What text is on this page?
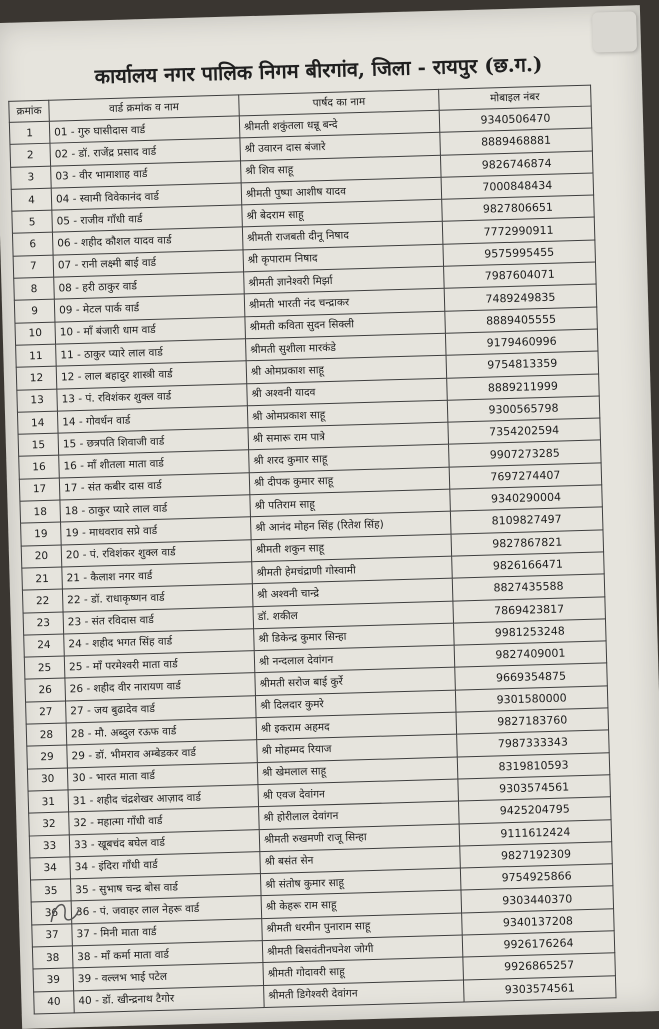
कार्यालय नगर पालिक निगम बीरगांव, जिला - रायपुर (छ.ग.)
क्रमांक	वार्ड क्रमांक व नाम	पार्षद का नाम	मोबाइल नंबर
1	01 - गुरु घासीदास वार्ड	श्रीमती शकुंतला धन्नू बन्दे	9340506470
2	02 - डॉ. राजेंद्र प्रसाद वार्ड	श्री उवारन दास बंजारे	8889468881
3	03 - वीर भामाशाह वार्ड	श्री शिव साहू	9826746874
4	04 - स्वामी विवेकानंद वार्ड	श्रीमती पुष्पा आशीष यादव	7000848434
5	05 - राजीव गाँधी वार्ड	श्री बेदराम साहू	9827806651
6	06 - शहीद कौशल यादव वार्ड	श्रीमती राजबती दीनू निषाद	7772990911
7	07 - रानी लक्ष्मी बाई वार्ड	श्री कृपाराम निषाद	9575995455
8	08 - हरी ठाकुर वार्ड	श्रीमती ज्ञानेश्वरी मिर्झा	7987604071
9	09 - मेटल पार्क वार्ड	श्रीमती भारती नंद चन्द्राकर	7489249835
10	10 - माँ बंजारी धाम वार्ड	श्रीमती कविता सुदन सिक्ली	8889405555
11	11 - ठाकुर प्यारे लाल वार्ड	श्रीमती सुशीला मारकंडे	9179460996
12	12 - लाल बहादुर शास्त्री वार्ड	श्री ओमप्रकाश साहू	9754813359
13	13 - पं. रविशंकर शुक्ल वार्ड	श्री अश्वनी यादव	8889211999
14	14 - गोवर्धन वार्ड	श्री ओमप्रकाश साहू	9300565798
15	15 - छत्रपति शिवाजी वार्ड	श्री समारू राम पात्रे	7354202594
16	16 - माँ शीतला माता वार्ड	श्री शरद कुमार साहू	9907273285
17	17 - संत कबीर दास वार्ड	श्री दीपक कुमार साहू	7697274407
18	18 - ठाकुर प्यारे लाल वार्ड	श्री पतिराम साहू	9340290004
19	19 - माधवराव सप्रे वार्ड	श्री आनंद मोहन सिंह (रितेश सिंह)	8109827497
20	20 - पं. रविशंकर शुक्ल वार्ड	श्रीमती शकुन साहू	9827867821
21	21 - कैलाश नगर वार्ड	श्रीमती हेमचंद्राणी गोस्वामी	9826166471
22	22 - डॉ. राधाकृष्णन वार्ड	श्री अश्वनी चान्द्रे	8827435588
23	23 - संत रविदास वार्ड	डॉ. शकील	7869423817
24	24 - शहीद भगत सिंह वार्ड	श्री डिकेन्द्र कुमार सिन्हा	9981253248
25	25 - माँ परमेश्वरी माता वार्ड	श्री नन्दलाल देवांगन	9827409001
26	26 - शहीद वीर नारायण वार्ड	श्रीमती सरोज बाई कुर्रे	9669354875
27	27 - जय बुढादेव वार्ड	श्री दिलदार कुमरे	9301580000
28	28 - मौ. अब्दुल रऊफ वार्ड	श्री इकराम अहमद	9827183760
29	29 - डॉ. भीमराव अम्बेडकर वार्ड	श्री मोहम्मद रियाज	7987333343
30	30 - भारत माता वार्ड	श्री खेमलाल साहू	8319810593
31	31 - शहीद चंद्रशेखर आज़ाद वार्ड	श्री एवज देवांगन	9303574561
32	32 - महात्मा गाँधी वार्ड	श्री होरीलाल देवांगन	9425204795
33	33 - खूबचंद बघेल वार्ड	श्रीमती रुखमणी राजू सिन्हा	9111612424
34	34 - इंदिरा गाँधी वार्ड	श्री बसंत सेन	9827192309
35	35 - सुभाष चन्द्र बोस वार्ड	श्री संतोष कुमार साहू	9754925866
36	36 - पं. जवाहर लाल नेहरू वार्ड	श्री केहरू राम साहू	9303440370
37	37 - मिनी माता वार्ड	श्रीमती धरमीन पुनाराम साहू	9340137208
38	38 - माँ कर्मा माता वार्ड	श्रीमती बिसवंतीनघनेश जोगी	9926176264
39	39 - वल्लभ भाई पटेल	श्रीमती गोदावरी साहू	9926865257
40	40 - डॉ. खीन्द्रनाथ टैगोर	श्रीमती डिगेश्वरी देवांगन	9303574561
